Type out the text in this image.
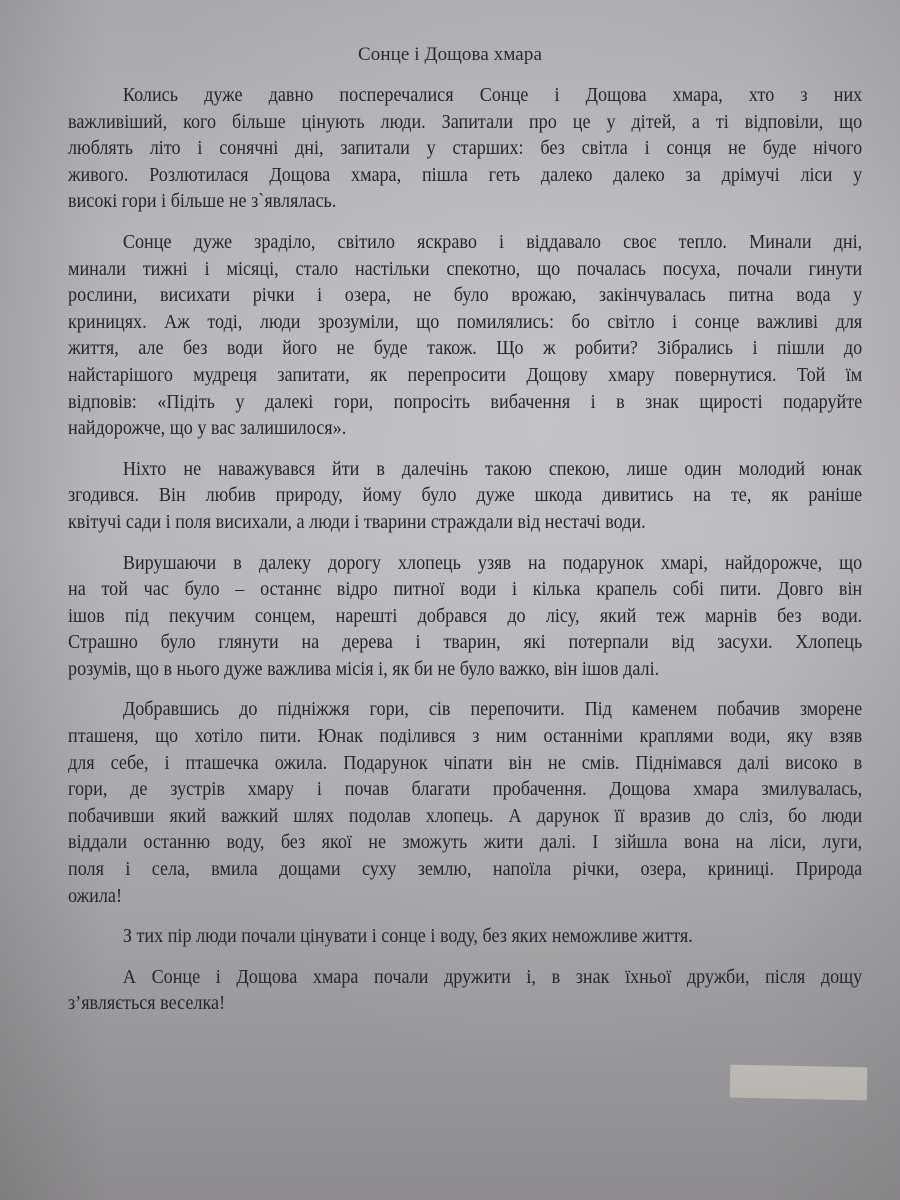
Сонце і Дощова хмара
Колись дуже давно посперечалися Сонце і Дощова хмара, хто з них
важливіший, кого більше цінують люди. Запитали про це у дітей, а ті відповіли, що
люблять літо і сонячні дні, запитали у старших: без світла і сонця не буде нічого
живого. Розлютилася Дощова хмара, пішла геть далеко далеко за дрімучі ліси у
високі гори і більше не з`являлась.
Сонце дуже зраділо, світило яскраво і віддавало своє тепло. Минали дні,
минали тижні і місяці, стало настільки спекотно, що почалась посуха, почали гинути
рослини, висихати річки і озера, не було врожаю, закінчувалась питна вода у
криницях. Аж тоді, люди зрозуміли, що помилялись: бо світло і сонце важливі для
життя, але без води його не буде також. Що ж робити? Зібрались і пішли до
найстарішого мудреця запитати, як перепросити Дощову хмару повернутися. Той їм
відповів: «Підіть у далекі гори, попросіть вибачення і в знак щирості подаруйте
найдорожче, що у вас залишилося».
Ніхто не наважувався йти в далечінь такою спекою, лише один молодий юнак
згодився. Він любив природу, йому було дуже шкода дивитись на те, як раніше
квітучі сади і поля висихали, а люди і тварини страждали від нестачі води.
Вирушаючи в далеку дорогу хлопець узяв на подарунок хмарі, найдорожче, що
на той час було – останнє відро питної води і кілька крапель собі пити. Довго він
ішов під пекучим сонцем, нарешті добрався до лісу, який теж марнів без води.
Страшно було глянути на дерева і тварин, які потерпали від засухи. Хлопець
розумів, що в нього дуже важлива місія і, як би не було важко, він ішов далі.
Добравшись до підніжжя гори, сів перепочити. Під каменем побачив зморене
пташеня, що хотіло пити. Юнак поділився з ним останніми краплями води, яку взяв
для себе, і пташечка ожила. Подарунок чіпати він не смів. Піднімався далі високо в
гори, де зустрів хмару і почав благати пробачення. Дощова хмара змилувалась,
побачивши який важкий шлях подолав хлопець. А дарунок її вразив до сліз, бо люди
віддали останню воду, без якої не зможуть жити далі. І зійшла вона на ліси, луги,
поля і села, вмила дощами суху землю, напоїла річки, озера, криниці. Природа
ожила!
З тих пір люди почали цінувати і сонце і воду, без яких неможливе життя.
А Сонце і Дощова хмара почали дружити і, в знак їхньої дружби, після дощу
з’являється веселка!
